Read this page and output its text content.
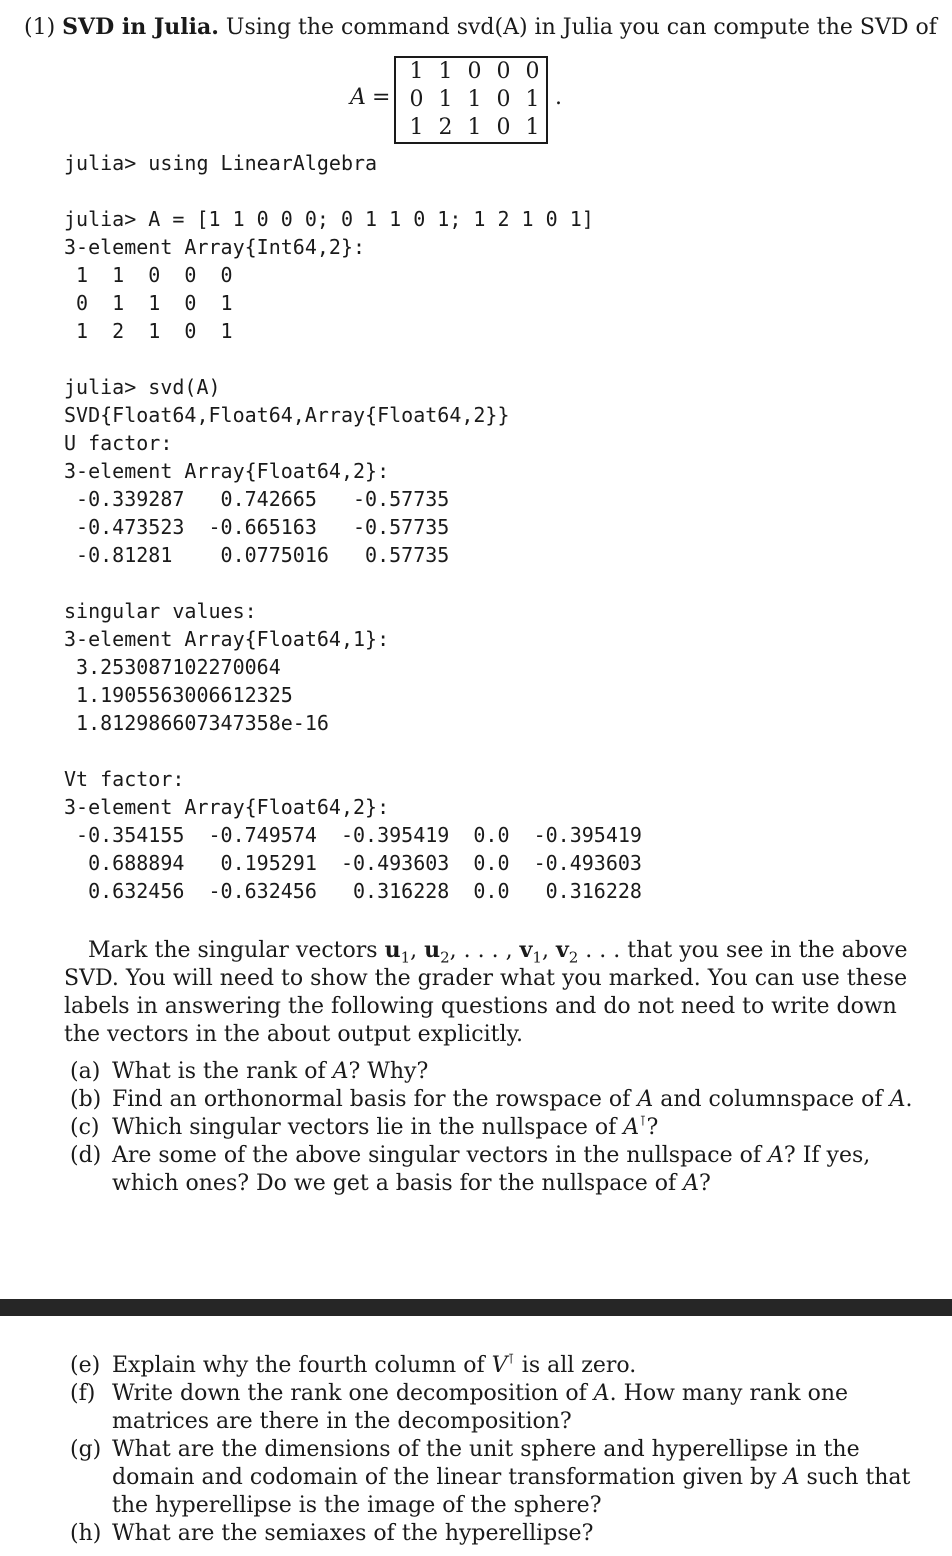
(1) SVD in Julia. Using the command svd(A) in Julia you can compute the SVD of
A =
1 1 0 0 0
0 1 1 0 1
1 2 1 0 1
.
julia> using LinearAlgebra
julia> A = [1 1 0 0 0; 0 1 1 0 1; 1 2 1 0 1]
3-element Array{Int64,2}:
1  1  0  0  0
0  1  1  0  1
1  2  1  0  1
julia> svd(A)
SVD{Float64,Float64,Array{Float64,2}}
U factor:
3-element Array{Float64,2}:
-0.339287   0.742665   -0.57735
-0.473523  -0.665163   -0.57735
-0.81281    0.0775016   0.57735
singular values:
3-element Array{Float64,1}:
3.253087102270064
1.1905563006612325
1.812986607347358e-16
Vt factor:
3-element Array{Float64,2}:
-0.354155  -0.749574  -0.395419  0.0  -0.395419
0.688894   0.195291  -0.493603  0.0  -0.493603
0.632456  -0.632456   0.316228  0.0   0.316228
Mark the singular vectors $u_1$, $u_2$, . . . , $v_1$, $v_2$ . . . that you see in the above SVD. You will need to show the grader what you marked. You can use these labels in answering the following questions and do not need to write down the vectors in the about output explicitly.
(a) What is the rank of A? Why?
(b) Find an orthonormal basis for the rowspace of A and columnspace of A.
(c) Which singular vectors lie in the nullspace of A⊺?
(d) Are some of the above singular vectors in the nullspace of A? If yes, which ones? Do we get a basis for the nullspace of A?
(e) Explain why the fourth column of V⊺ is all zero.
(f) Write down the rank one decomposition of A. How many rank one matrices are there in the decomposition?
(g) What are the dimensions of the unit sphere and hyperellipse in the domain and codomain of the linear transformation given by A such that the hyperellipse is the image of the sphere?
(h) What are the semiaxes of the hyperellipse?
